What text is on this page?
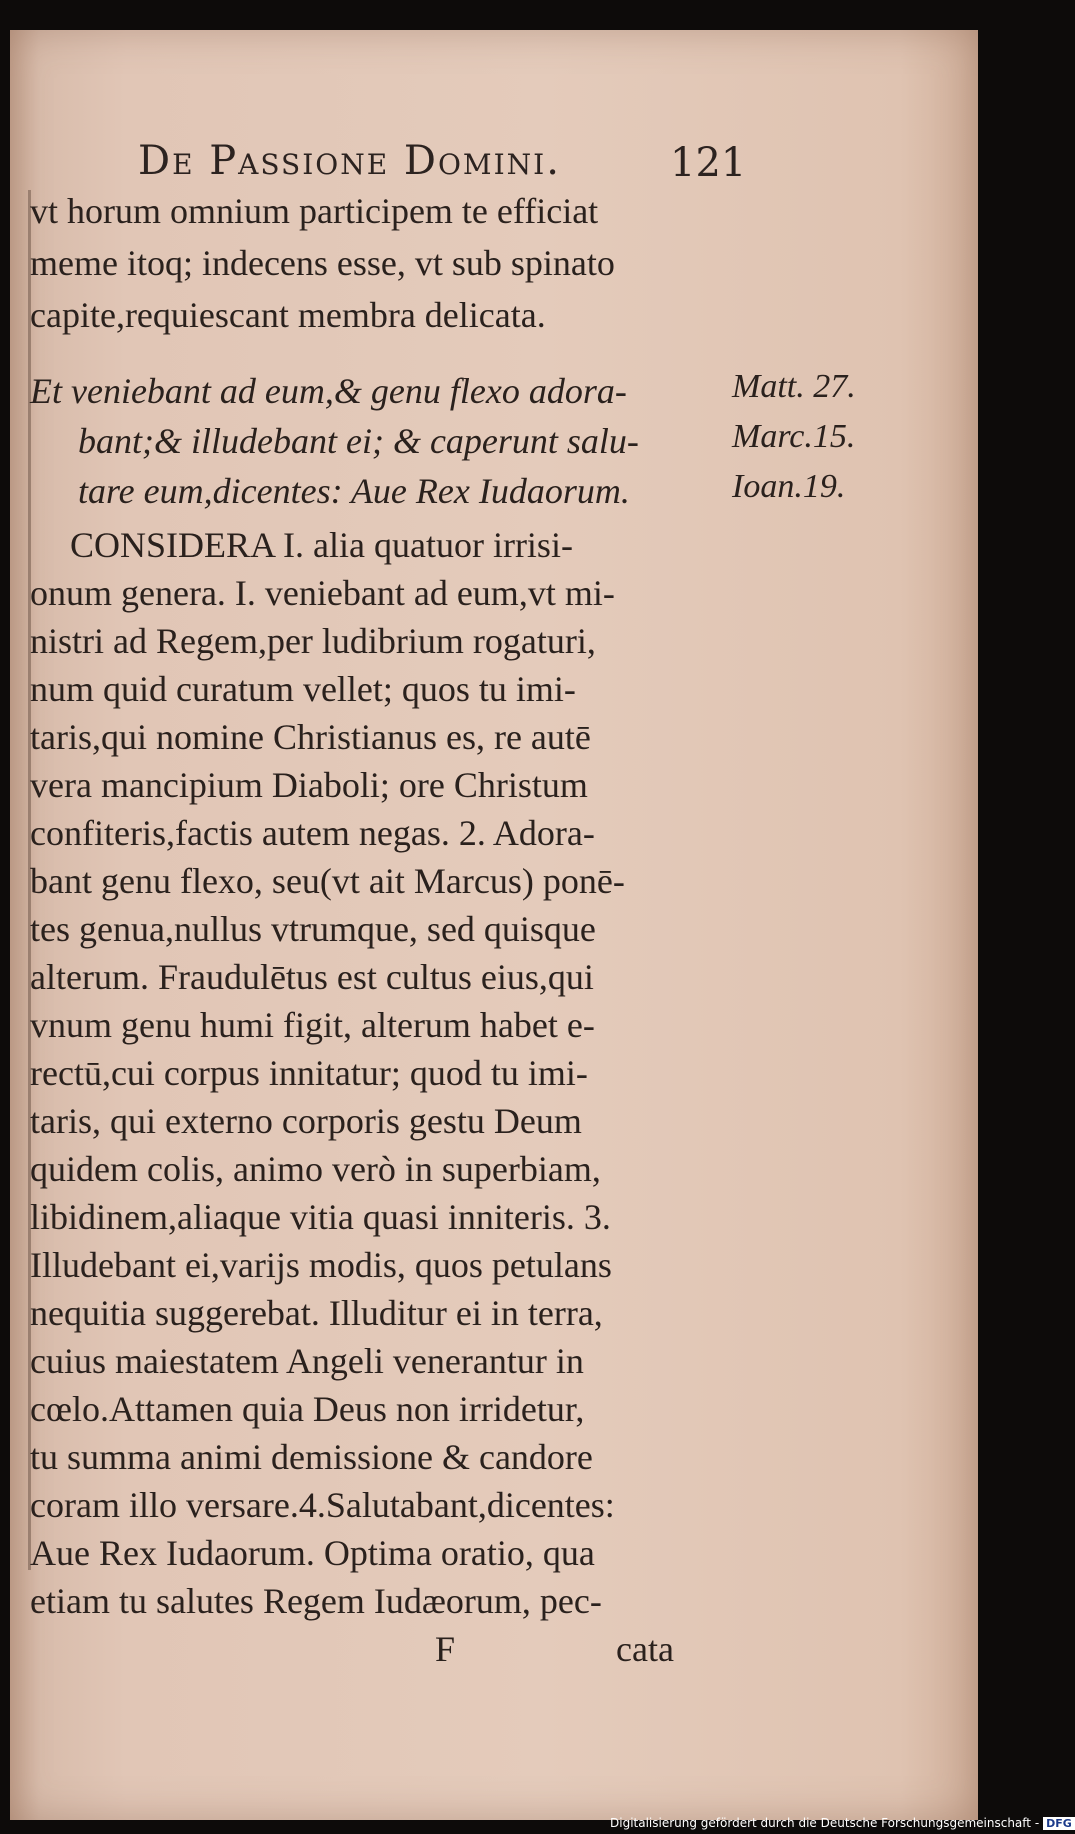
De Passione Domini.	121
vt horum omnium participem te efficiat
meme itoq; indecens esse, vt sub spinato
capite,requiescant membra delicata.
Et veniebant ad eum,& genu flexo adora-
bant;& illudebant ei; & caperunt salu-
tare eum,dicentes: Aue Rex Iudaorum.
Matt. 27.
Marc.15.
Ioan.19.
CONSIDERA I. alia quatuor irrisi-
onum genera. I. veniebant ad eum,vt mi-
nistri ad Regem,per ludibrium rogaturi,
num quid curatum vellet; quos tu imi-
taris,qui nomine Christianus es, re autē
vera mancipium Diaboli; ore Christum
confiteris,factis autem negas. 2. Adora-
bant genu flexo, seu(vt ait Marcus) ponē-
tes genua,nullus vtrumque, sed quisque
alterum. Fraudulētus est cultus eius,qui
vnum genu humi figit, alterum habet e-
rectū,cui corpus innitatur; quod tu imi-
taris, qui externo corporis gestu Deum
quidem colis, animo verò in superbiam,
libidinem,aliaque vitia quasi inniteris. 3.
Illudebant ei,varijs modis, quos petulans
nequitia suggerebat. Illuditur ei in terra,
cuius maiestatem Angeli venerantur in
cœlo.Attamen quia Deus non irridetur,
tu summa animi demissione & candore
coram illo versare.4.Salutabant,dicentes:
Aue Rex Iudaorum. Optima oratio, qua
etiam tu salutes Regem Iudæorum, pec-
F	cata
Digitalisierung gefördert durch die Deutsche Forschungsgemeinschaft - DFG
